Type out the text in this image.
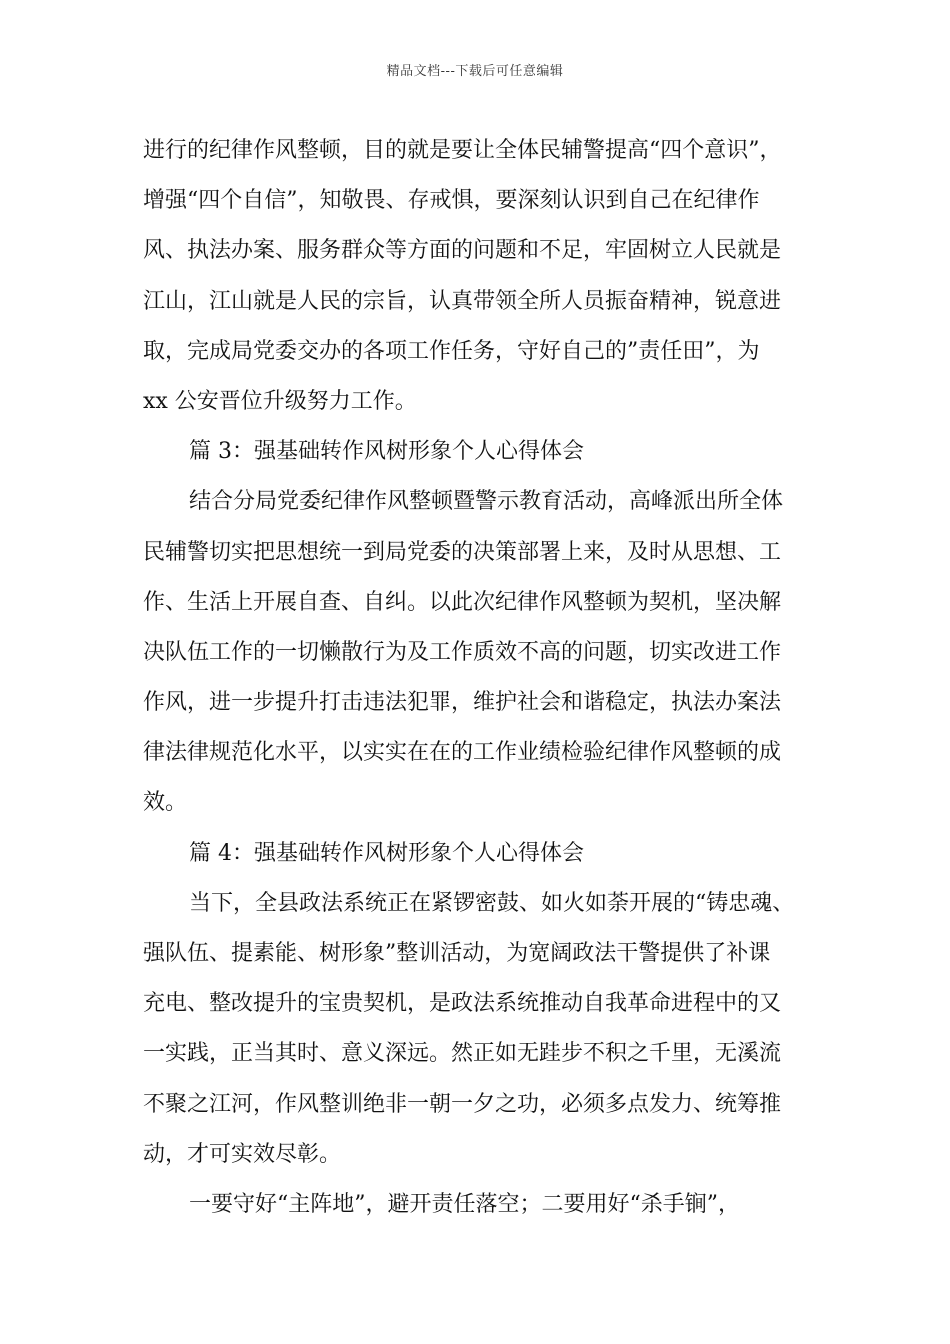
精品文档---下载后可任意编辑
进行的纪律作风整顿，目的就是要让全体民辅警提高“四个意识”，
增强“四个自信”，知敬畏、存戒惧，要深刻认识到自己在纪律作
风、执法办案、服务群众等方面的问题和不足，牢固树立人民就是
江山，江山就是人民的宗旨，认真带领全所人员振奋精神，锐意进
取，完成局党委交办的各项工作任务，守好自己的”责任田”，为
xx 公安晋位升级努力工作。
篇 3：强基础转作风树形象个人心得体会
结合分局党委纪律作风整顿暨警示教育活动，高峰派出所全体
民辅警切实把思想统一到局党委的决策部署上来，及时从思想、工
作、生活上开展自查、自纠。以此次纪律作风整顿为契机，坚决解
决队伍工作的一切懒散行为及工作质效不高的问题，切实改进工作
作风，进一步提升打击违法犯罪，维护社会和谐稳定，执法办案法
律法律规范化水平，以实实在在的工作业绩检验纪律作风整顿的成
效。
篇 4：强基础转作风树形象个人心得体会
当下，全县政法系统正在紧锣密鼓、如火如荼开展的“铸忠魂、
强队伍、提素能、树形象”整训活动，为宽阔政法干警提供了补课
充电、整改提升的宝贵契机，是政法系统推动自我革命进程中的又
一实践，正当其时、意义深远。然正如无跬步不积之千里，无溪流
不聚之江河，作风整训绝非一朝一夕之功，必须多点发力、统筹推
动，才可实效尽彰。
一要守好“主阵地”，避开责任落空；二要用好“杀手锏”，
